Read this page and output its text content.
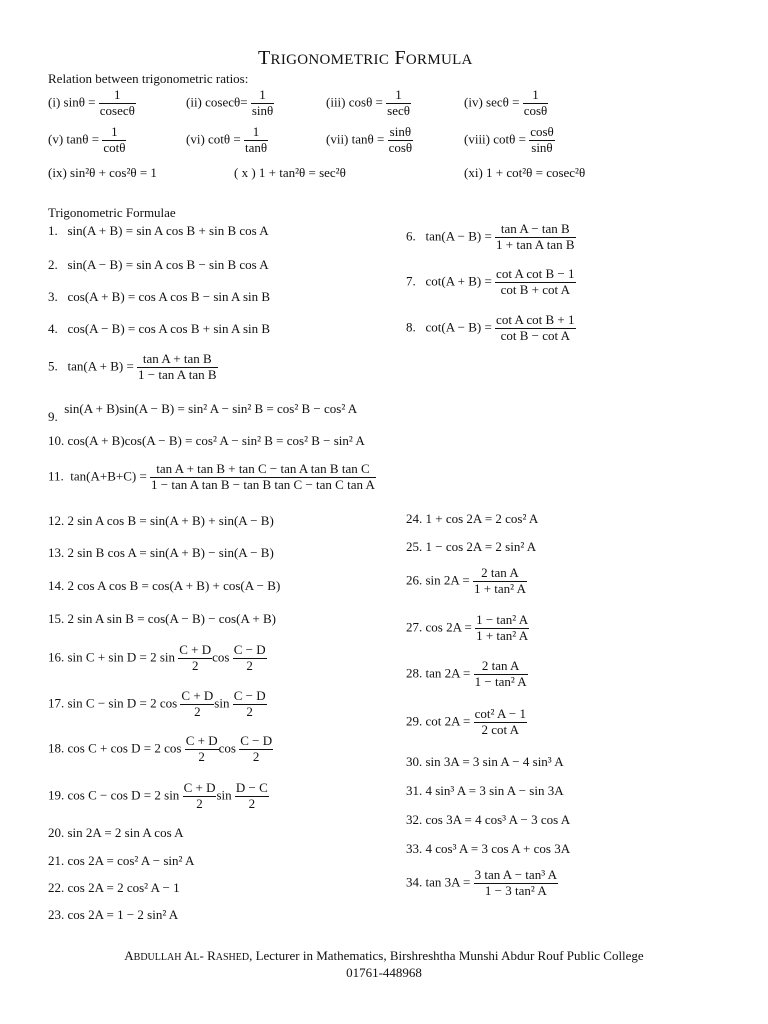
TRIGONOMETRIC FORMULA
Relation between trigonometric ratios:
(i) $\sin\theta = \frac{1}{cosec\theta}$	(ii) $cosec\theta= \frac{1}{\sin\theta}$	(iii) $\cos\theta = \frac{1}{\sec\theta}$	(iv) $\sec\theta = \frac{1}{\cos\theta}$
(v) $\tan\theta = \frac{1}{\cot\theta}$	(vi) $\cot\theta = \frac{1}{\tan\theta}$	(vii) $\tan\theta = \frac{\sin\theta}{\cos\theta}$	(viii) $\cot\theta = \frac{\cos\theta}{\sin\theta}$
(ix) sin²θ + cos²θ = 1	( x ) 1 + tan²θ = sec²θ	(xi) 1 + cot²θ = cosec²θ
Trigonometric Formulae
1. sin(A + B) = sin A cos B + sin B cos A
2. sin(A − B) = sin A cos B − sin B cos A
3. cos(A + B) = cos A cos B − sin A sin B
4. cos(A − B) = cos A cos B + sin A sin B
5. $\tan(A + B) = \frac{\text{tan A + tan B}}{\text{1 − tan A tan B}}$
9.  sin(A + B)sin(A − B) = sin² A − sin² B = cos² B − cos² A
10. cos(A + B)cos(A − B) = cos² A − sin² B = cos² B − sin² A
11. $\tan(A+B+C) = \frac{\text{tan A + tan B + tan C − tan A tan B tan C}}{\text{1 − tan A tan B − tan B tan C − tan C tan A}}$
12. 2 sin A cos B = sin(A + B) + sin(A − B)
13. 2 sin B cos A = sin(A + B) − sin(A − B)
14. 2 cos A cos B = cos(A + B) + cos(A − B)
15. 2 sin A sin B = cos(A − B) − cos(A + B)
16. sin C + sin D = 2 $\sin \frac{C + D}{2}$ $\cos \frac{C - D}{2}$
17. sin C − sin D = 2 $\cos \frac{C + D}{2}$ $\sin \frac{C - D}{2}$
18. cos C + cos D = 2 $\cos \frac{C + D}{2}$ $\cos \frac{C - D}{2}$
19. cos C − cos D = 2 $\sin \frac{C + D}{2}$ $\sin \frac{D - C}{2}$
20. sin 2A = 2 sin A cos A
21. cos 2A = cos² A − sin² A
22. cos 2A = 2 cos² A − 1
23. cos 2A = 1 − 2 sin² A
6. $\tan(A - B) = \frac{\text{tan A − tan B}}{\text{1 + tan A tan B}}$
7. $\cot(A + B) = \frac{\text{cot A cot B − 1}}{\text{cot B + cot A}}$
8. $\cot(A - B) = \frac{\text{cot A cot B + 1}}{\text{cot B − cot A}}$
24. 1 + cos 2A = 2 cos² A
25. 1 − cos 2A = 2 sin² A
26. $\sin 2A = \frac{\text{2 tan A}}{\text{1 + tan² A}}$
27. $\cos 2A = \frac{\text{1 − tan² A}}{\text{1 + tan² A}}$
28. $\tan 2A = \frac{\text{2 tan A}}{\text{1 − tan² A}}$
29. $\cot 2A = \frac{\text{cot² A − 1}}{\text{2 cot A}}$
30. sin 3A = 3 sin A − 4 sin³ A
31. 4 sin³ A = 3 sin A − sin 3A
32. cos 3A = 4 cos³ A − 3 cos A
33. 4 cos³ A = 3 cos A + cos 3A
34. $\tan 3A = \frac{\text{3 tan A − tan³ A}}{\text{1 − 3 tan² A}}$
ABDULLAH AL- RASHED, Lecturer in Mathematics, Birshreshtha Munshi Abdur Rouf Public College
01761-448968
